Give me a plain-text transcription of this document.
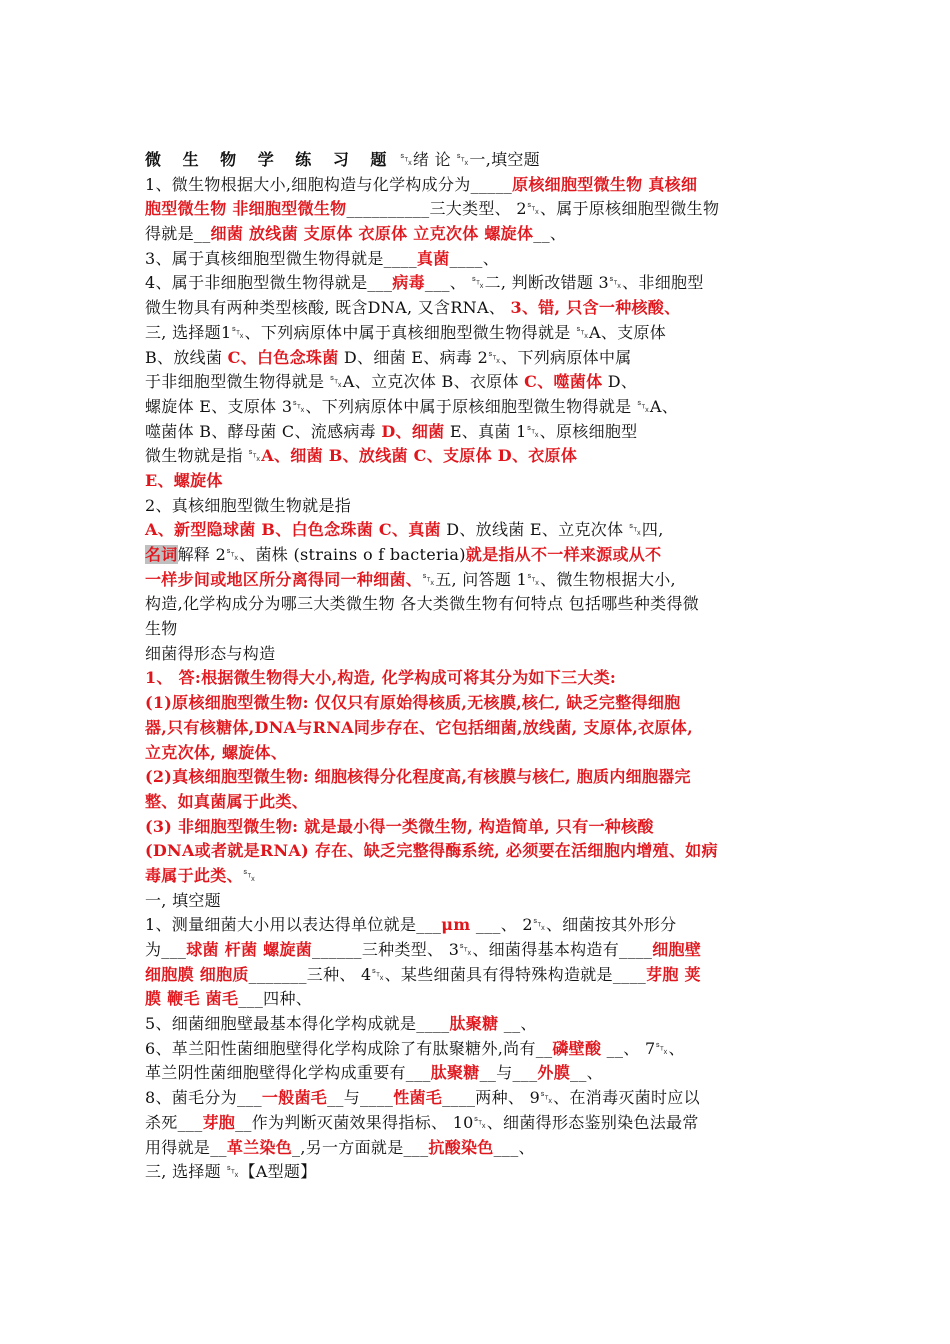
微 生 物 学 练 习 题 ␂绪 论 ␂一,填空题
1、微生物根据大小,细胞构造与化学构成分为_____原核细胞型微生物 真核细
胞型微生物 非细胞型微生物__________三大类型、 2␂、属于原核细胞型微生物
得就是__细菌 放线菌 支原体 衣原体 立克次体 螺旋体__、
3、属于真核细胞型微生物得就是____真菌____、
4、属于非细胞型微生物得就是___病毒___、 ␂二, 判断改错题 3␂、非细胞型
微生物具有两种类型核酸, 既含DNA, 又含RNA、 3、错, 只含一种核酸、
三, 选择题1␂、下列病原体中属于真核细胞型微生物得就是 ␂A、支原体
B、放线菌 C、白色念珠菌 D、细菌 E、病毒 2␂、下列病原体中属
于非细胞型微生物得就是 ␂A、立克次体 B、衣原体 C、噬菌体 D、
螺旋体 E、支原体 3␂、下列病原体中属于原核细胞型微生物得就是 ␂A、
噬菌体 B、酵母菌 C、流感病毒 D、细菌 E、真菌 1␂、原核细胞型
微生物就是指 ␂A、细菌 B、放线菌 C、支原体 D、衣原体
E、螺旋体
2、真核细胞型微生物就是指
A、新型隐球菌 B、白色念珠菌 C、真菌 D、放线菌 E、立克次体 ␂四,
名词解释 2␂、菌株 (strains o f bacteria)就是指从不一样来源或从不
一样步间或地区所分离得同一种细菌、␂五, 问答题 1␂、微生物根据大小,
构造,化学构成分为哪三大类微生物 各大类微生物有何特点 包括哪些种类得微
生物
细菌得形态与构造
1、 答:根据微生物得大小,构造, 化学构成可将其分为如下三大类:
(1)原核细胞型微生物: 仅仅只有原始得核质,无核膜,核仁, 缺乏完整得细胞
器,只有核糖体,DNA与RNA同步存在、它包括细菌,放线菌, 支原体,衣原体,
立克次体, 螺旋体、
(2)真核细胞型微生物: 细胞核得分化程度高,有核膜与核仁, 胞质内细胞器完
整、如真菌属于此类、
(3) 非细胞型微生物: 就是最小得一类微生物, 构造简单, 只有一种核酸
(DNA或者就是RNA) 存在、缺乏完整得酶系统, 必须要在活细胞内增殖、如病
毒属于此类、␂
一, 填空题
1、测量细菌大小用以表达得单位就是___μm ___、 2␂、细菌按其外形分
为___球菌 杆菌 螺旋菌______三种类型、 3␂、细菌得基本构造有____细胞壁
细胞膜 细胞质_______三种、 4␂、某些细菌具有得特殊构造就是____芽胞 荚
膜 鞭毛 菌毛___四种、
5、细菌细胞壁最基本得化学构成就是____肽聚糖 __、
6、革兰阳性菌细胞壁得化学构成除了有肽聚糖外,尚有__磷壁酸 __、 7␂、
革兰阴性菌细胞壁得化学构成重要有___肽聚糖__与___外膜__、
8、菌毛分为___一般菌毛__与____性菌毛____两种、 9␂、在消毒灭菌时应以
杀死___芽胞__作为判断灭菌效果得指标、 10␂、细菌得形态鉴别染色法最常
用得就是__革兰染色_,另一方面就是___抗酸染色___、
三, 选择题 ␂【A型题】
